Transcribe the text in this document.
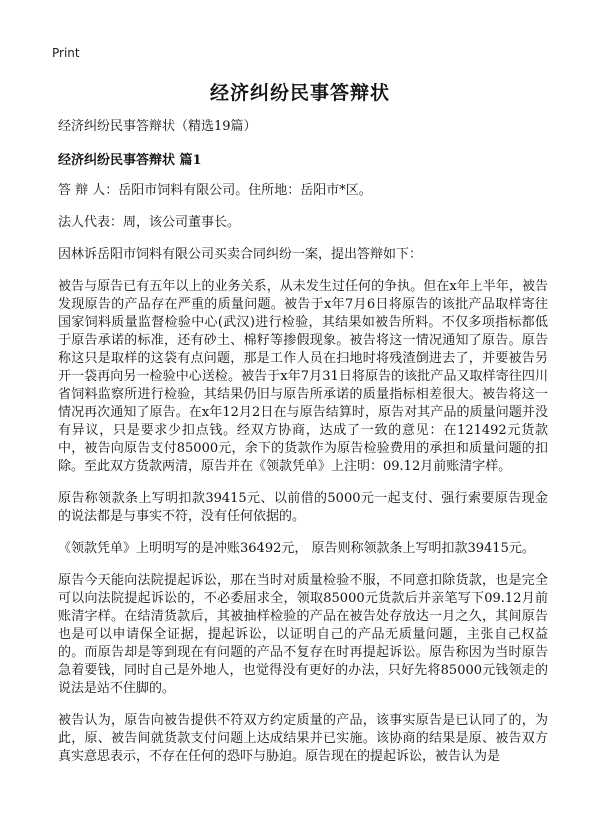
Print
经济纠纷民事答辩状

经济纠纷民事答辩状（精选19篇）

经济纠纷民事答辩状 篇1

答 辩 人：岳阳市饲料有限公司。住所地：岳阳市*区。

法人代表：周，该公司董事长。

因林诉岳阳市饲料有限公司买卖合同纠纷一案，提出答辩如下：

被告与原告已有五年以上的业务关系，从未发生过任何的争执。但在x年上半年，被告发现原告的产品存在严重的质量问题。被告于x年7月6日将原告的该批产品取样寄往国家饲料质量监督检验中心(武汉)进行检验，其结果如被告所料。不仅多项指标都低于原告承诺的标准，还有砂土、棉籽等掺假现象。被告将这一情况通知了原告。原告称这只是取样的这袋有点问题，那是工作人员在扫地时将残渣倒进去了，并要被告另开一袋再向另一检验中心送检。被告于x年7月31日将原告的该批产品又取样寄往四川省饲料监察所进行检验，其结果仍旧与原告所承诺的质量指标相差很大。被告将这一情况再次通知了原告。在x年12月2日在与原告结算时，原告对其产品的质量问题并没有异议，只是要求少扣点钱。经双方协商，达成了一致的意见：在121492元货款中，被告向原告支付85000元，余下的货款作为原告检验费用的承担和质量问题的扣除。至此双方货款两清，原告并在《领款凭单》上注明：09.12月前账清字样。

原告称领款条上写明扣款39415元、以前借的5000元一起支付、强行索要原告现金的说法都是与事实不符，没有任何依据的。

《领款凭单》上明明写的是冲账36492元， 原告则称领款条上写明扣款39415元。

原告今天能向法院提起诉讼，那在当时对质量检验不服，不同意扣除货款，也是完全可以向法院提起诉讼的，不必委屈求全，领取85000元货款后并亲笔写下09.12月前账清字样。在结清货款后，其被抽样检验的产品在被告处存放达一月之久，其间原告也是可以申请保全证据，提起诉讼，以证明自己的产品无质量问题，主张自己权益的。而原告却是等到现在有问题的产品不复存在时再提起诉讼。原告称因为当时原告急着要钱，同时自己是外地人，也觉得没有更好的办法，只好先将85000元钱领走的说法是站不住脚的。

被告认为，原告向被告提供不符双方约定质量的产品，该事实原告是已认同了的，为此，原、被告间就货款支付问题上达成结果并已实施。该协商的结果是原、被告双方真实意思表示，不存在任何的恐吓与胁迫。原告现在的提起诉讼，被告认为是
